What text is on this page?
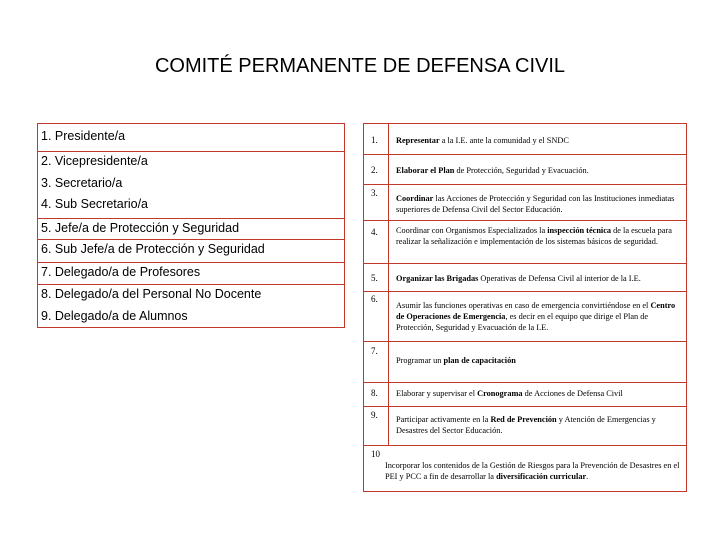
COMITÉ PERMANENTE DE DEFENSA CIVIL
1. Presidente/a
2. Vicepresidente/a
3. Secretario/a
4. Sub Secretario/a
5. Jefe/a de Protección y Seguridad
6. Sub Jefe/a de Protección y Seguridad
7. Delegado/a de Profesores
8. Delegado/a del Personal No Docente
9. Delegado/a de Alumnos
1. Representar a la I.E. ante la comunidad y el SNDC
2. Elaborar el Plan de Protección, Seguridad y Evacuación.
3.
Coordinar las Acciones de Protección y Seguridad con las Instituciones inmediatas superiores de Defensa Civil del Sector Educación.
4. Coordinar con Organismos Especializados la inspección técnica de la escuela para realizar la señalización e implementación de los sistemas básicos de seguridad.
5. Organizar las Brigadas Operativas de Defensa Civil al interior de la I.E.
6.
Asumir las funciones operativas en caso de emergencia convirtiéndose en el Centro de Operaciones de Emergencia, es decir en el equipo que dirige el Plan de Protección, Seguridad y Evacuación de la I.E.
7.
Programar un plan de capacitación
8. Elaborar y supervisar el Cronograma de Acciones de Defensa Civil
9. Participar activamente en la Red de Prevención y Atención de Emergencias y Desastres del Sector Educación.
10
Incorporar los contenidos de la Gestión de Riesgos para la Prevención de Desastres en el PEI y PCC a fin de desarrollar la diversificación curricular.
